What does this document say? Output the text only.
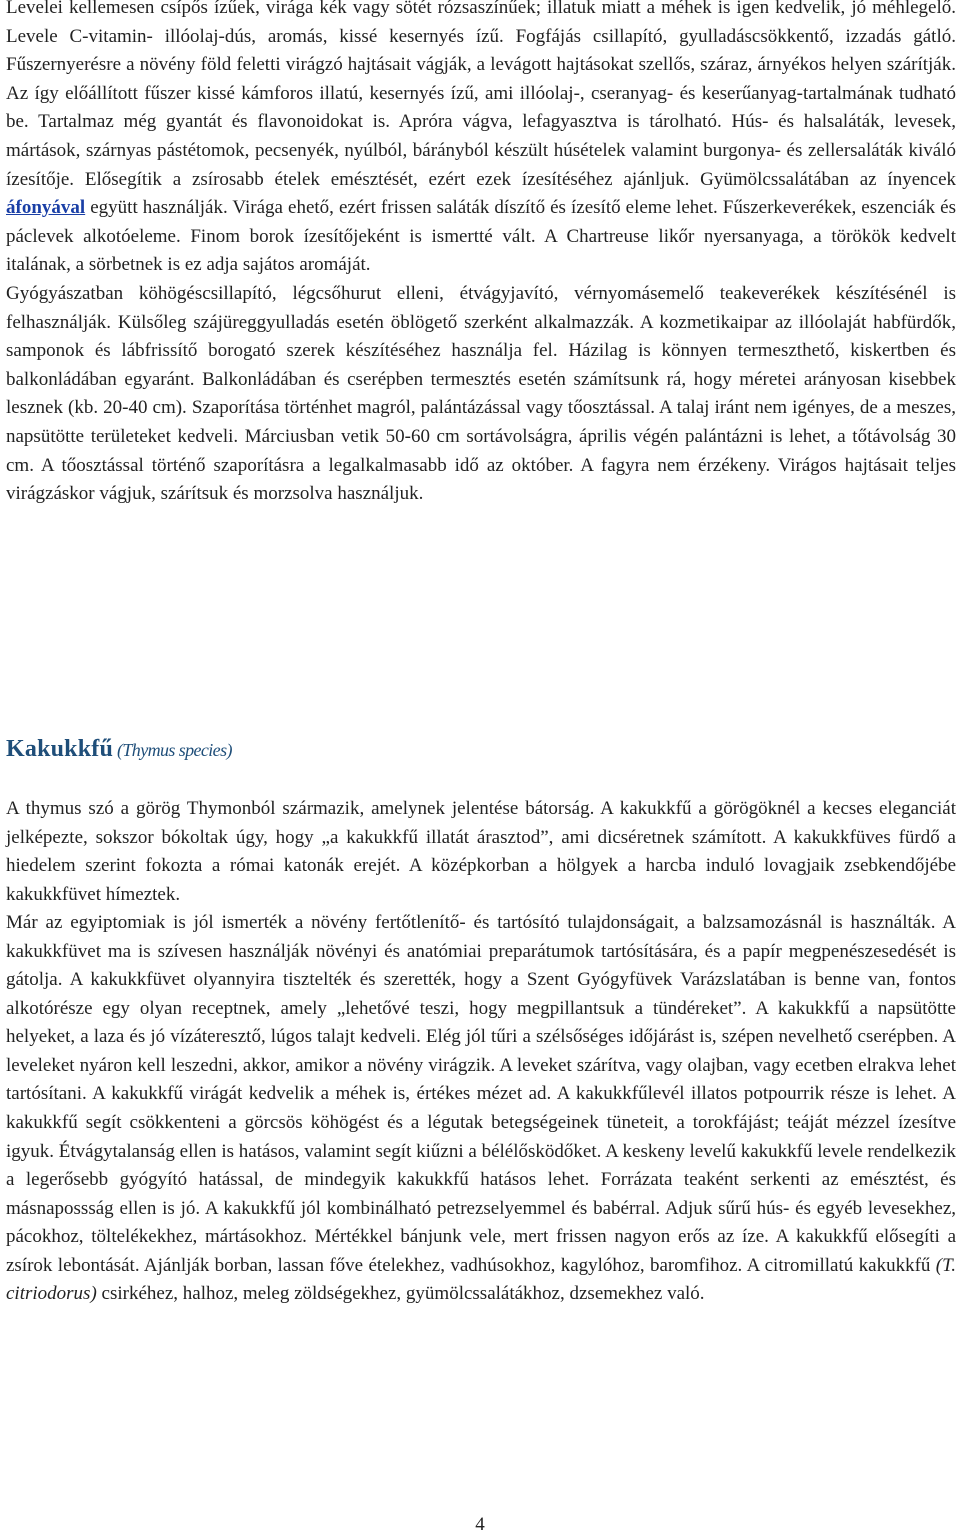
Levelei kellemesen csípős ízűek, virága kék vagy sötét rózsaszínűek; illatuk miatt a méhek is igen kedvelik, jó méhlegelő. Levele C-vitamin- illóolaj-dús, aromás, kissé kesernyés ízű. Fogfájás csillapító, gyulladáscsökkentő, izzadás gátló. Fűszernyerésre a növény föld feletti virágzó hajtásait vágják, a levágott hajtásokat szellős, száraz, árnyékos helyen szárítják. Az így előállított fűszer kissé kámforos illatú, kesernyés ízű, ami illóolaj-, cseranyag- és keserűanyag-tartalmának tudható be. Tartalmaz még gyantát és flavonoidokat is. Apróra vágva, lefagyasztva is tárolható. Hús- és halsaláták, levesek, mártások, szárnyas pástétomok, pecsenyék, nyúlból, bárányból készült húsételek valamint burgonya- és zellersaláták kiváló ízesítője. Elősegítik a zsírosabb ételek emésztését, ezért ezek ízesítéséhez ajánljuk. Gyümölcssalátában az ínyencek áfonyával együtt használják. Virága ehető, ezért frissen saláták díszítő és ízesítő eleme lehet. Fűszerkeverékek, eszenciák és páclevek alkotóeleme. Finom borok ízesítőjeként is ismertté vált. A Chartreuse likőr nyersanyaga, a törökök kedvelt italának, a sörbetnek is ez adja sajátos aromáját.

Gyógyászatban köhögéscsillapító, légcsőhurut elleni, étvágyjavító, vérnyomásemelő teakeverékek készítésénél is felhasználják. Külsőleg szájüreggyulladás esetén öblögető szerként alkalmazzák. A kozmetikaipar az illóolaját habfürdők, samponok és lábfrissítő borogató szerek készítéséhez használja fel. Házilag is könnyen termeszthető, kiskertben és balkonládában egyaránt. Balkonládában és cserépben termesztés esetén számítsunk rá, hogy méretei arányosan kisebbek lesznek (kb. 20-40 cm). Szaporítása történhet magról, palántázással vagy tőosztással. A talaj iránt nem igényes, de a meszes, napsütötte területeket kedveli. Márciusban vetik 50-60 cm sortávolságra, április végén palántázni is lehet, a tőtávolság 30 cm. A tőosztással történő szaporításra a legalkalmasabb idő az október. A fagyra nem érzékeny. Virágos hajtásait teljes virágzáskor vágjuk, szárítsuk és morzsolva használjuk.

Kakukkfű (Thymus species)

A thymus szó a görög Thymonból származik, amelynek jelentése bátorság. A kakukkfű a görögöknél a kecses eleganciát jelképezte, sokszor bókoltak úgy, hogy „a kakukkfű illatát árasztod”, ami dicséretnek számított. A kakukkfüves fürdő a hiedelem szerint fokozta a római katonák erejét. A középkorban a hölgyek a harcba induló lovagjaik zsebkendőjébe kakukkfüvet hímeztek.

Már az egyiptomiak is jól ismerték a növény fertőtlenítő- és tartósító tulajdonságait, a balzsamozásnál is használták. A kakukkfüvet ma is szívesen használják növényi és anatómiai preparátumok tartósítására, és a papír megpenészesedését is gátolja. A kakukkfüvet olyannyira tisztelték és szerették, hogy a Szent Gyógyfüvek Varázslatában is benne van, fontos alkotórésze egy olyan receptnek, amely „lehetővé teszi, hogy megpillantsuk a tündéreket”. A kakukkfű a napsütötte helyeket, a laza és jó vízáteresztő, lúgos talajt kedveli. Elég jól tűri a szélsőséges időjárást is, szépen nevelhető cserépben. A leveleket nyáron kell leszedni, akkor, amikor a növény virágzik. A leveket szárítva, vagy olajban, vagy ecetben elrakva lehet tartósítani. A kakukkfű virágát kedvelik a méhek is, értékes mézet ad. A kakukkfűlevél illatos potpourrik része is lehet. A kakukkfű segít csökkenteni a görcsös köhögést és a légutak betegségeinek tüneteit, a torokfájást; teáját mézzel ízesítve igyuk. Étvágytalanság ellen is hatásos, valamint segít kiűzni a bélélősködőket. A keskeny levelű kakukkfű levele rendelkezik a legerősebb gyógyító hatással, de mindegyik kakukkfű hatásos lehet. Forrázata teaként serkenti az emésztést, és másnapossság ellen is jó. A kakukkfű jól kombinálható petrezselyemmel és babérral. Adjuk sűrű hús- és egyéb levesekhez, pácokhoz, töltelékekhez, mártásokhoz. Mértékkel bánjunk vele, mert frissen nagyon erős az íze. A kakukkfű elősegíti a zsírok lebontását. Ajánlják borban, lassan főve ételekhez, vadhúsokhoz, kagylóhoz, baromfihoz. A citromillatú kakukkfű (T. citriodorus) csirkéhez, halhoz, meleg zöldségekhez, gyümölcssalátákhoz, dzsemekhez való.

4
